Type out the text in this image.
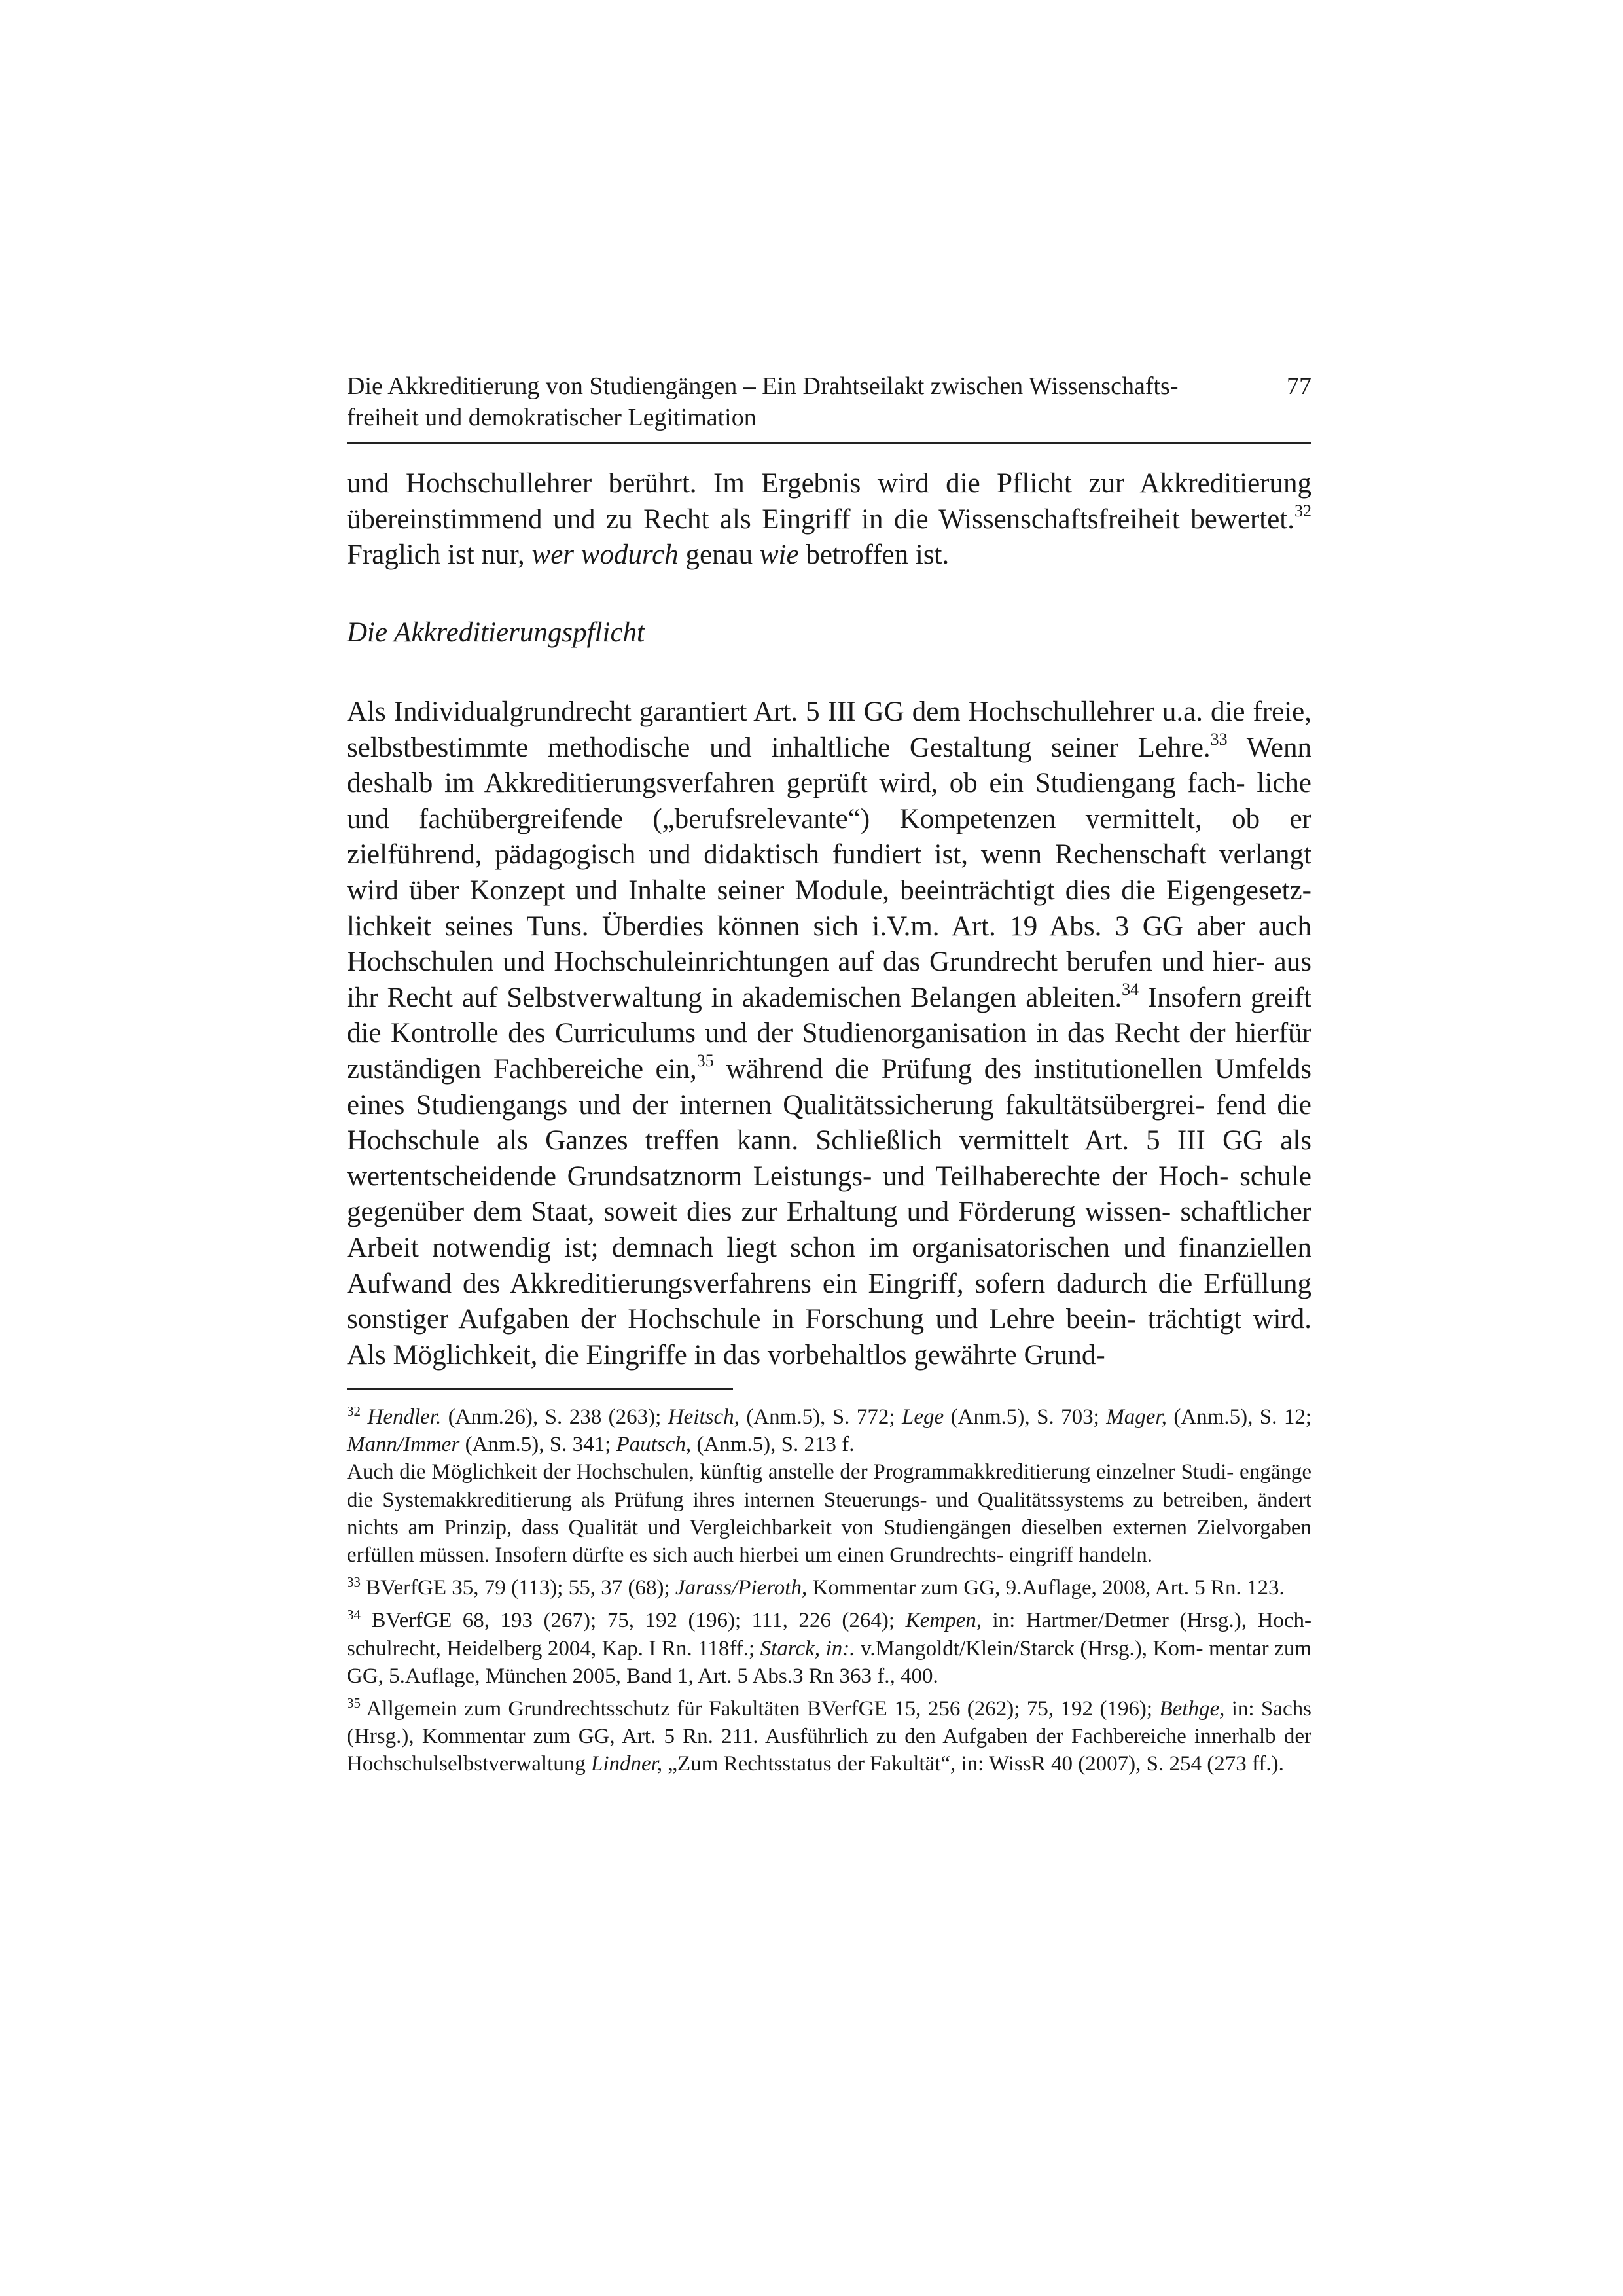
Die Akkreditierung von Studiengängen – Ein Drahtseilakt zwischen Wissenschafts- freiheit und demokratischer Legitimation
77

und Hochschullehrer berührt. Im Ergebnis wird die Pflicht zur Akkreditierung übereinstimmend und zu Recht als Eingriff in die Wissenschaftsfreiheit bewertet.$^{32}$ Fraglich ist nur, wer wodurch genau wie betroffen ist.

Die Akkreditierungspflicht

Als Individualgrundrecht garantiert Art. 5 III GG dem Hochschullehrer u.a. die freie, selbstbestimmte methodische und inhaltliche Gestaltung seiner Lehre.$^{33}$ Wenn deshalb im Akkreditierungsverfahren geprüft wird, ob ein Studiengang fach- liche und fachübergreifende („berufsrelevante“) Kompetenzen vermittelt, ob er zielführend, pädagogisch und didaktisch fundiert ist, wenn Rechenschaft verlangt wird über Konzept und Inhalte seiner Module, beeinträchtigt dies die Eigengesetz- lichkeit seines Tuns. Überdies können sich i.V.m. Art. 19 Abs. 3 GG aber auch Hochschulen und Hochschuleinrichtungen auf das Grundrecht berufen und hier- aus ihr Recht auf Selbstverwaltung in akademischen Belangen ableiten.$^{34}$ Insofern greift die Kontrolle des Curriculums und der Studienorganisation in das Recht der hierfür zuständigen Fachbereiche ein,$^{35}$ während die Prüfung des institutionellen Umfelds eines Studiengangs und der internen Qualitätssicherung fakultätsübergrei- fend die Hochschule als Ganzes treffen kann. Schließlich vermittelt Art. 5 III GG als wertentscheidende Grundsatznorm Leistungs- und Teilhaberechte der Hoch- schule gegenüber dem Staat, soweit dies zur Erhaltung und Förderung wissen- schaftlicher Arbeit notwendig ist; demnach liegt schon im organisatorischen und finanziellen Aufwand des Akkreditierungsverfahrens ein Eingriff, sofern dadurch die Erfüllung sonstiger Aufgaben der Hochschule in Forschung und Lehre beein- trächtigt wird. Als Möglichkeit, die Eingriffe in das vorbehaltlos gewährte Grund-

$^{32}$ Hendler. (Anm.26), S. 238 (263); Heitsch, (Anm.5), S. 772; Lege (Anm.5), S. 703; Mager, (Anm.5), S. 12; Mann/Immer (Anm.5), S. 341; Pautsch, (Anm.5), S. 213 f.

Auch die Möglichkeit der Hochschulen, künftig anstelle der Programmakkreditierung einzelner Studi- engänge die Systemakkreditierung als Prüfung ihres internen Steuerungs- und Qualitätssystems zu betreiben, ändert nichts am Prinzip, dass Qualität und Vergleichbarkeit von Studiengängen dieselben externen Zielvorgaben erfüllen müssen. Insofern dürfte es sich auch hierbei um einen Grundrechts- eingriff handeln.

$^{33}$ BVerfGE 35, 79 (113); 55, 37 (68); Jarass/Pieroth, Kommentar zum GG, 9.Auflage, 2008, Art. 5 Rn. 123.

$^{34}$ BVerfGE 68, 193 (267); 75, 192 (196); 111, 226 (264); Kempen, in: Hartmer/Detmer (Hrsg.), Hoch- schulrecht, Heidelberg 2004, Kap. I Rn. 118ff.; Starck, in:. v.Mangoldt/Klein/Starck (Hrsg.), Kom- mentar zum GG, 5.Auflage, München 2005, Band 1, Art. 5 Abs.3 Rn 363 f., 400.

$^{35}$ Allgemein zum Grundrechtsschutz für Fakultäten BVerfGE 15, 256 (262); 75, 192 (196); Bethge, in: Sachs (Hrsg.), Kommentar zum GG, Art. 5 Rn. 211. Ausführlich zu den Aufgaben der Fachbereiche innerhalb der Hochschulselbstverwaltung Lindner, „Zum Rechtsstatus der Fakultät“, in: WissR 40 (2007), S. 254 (273 ff.).
